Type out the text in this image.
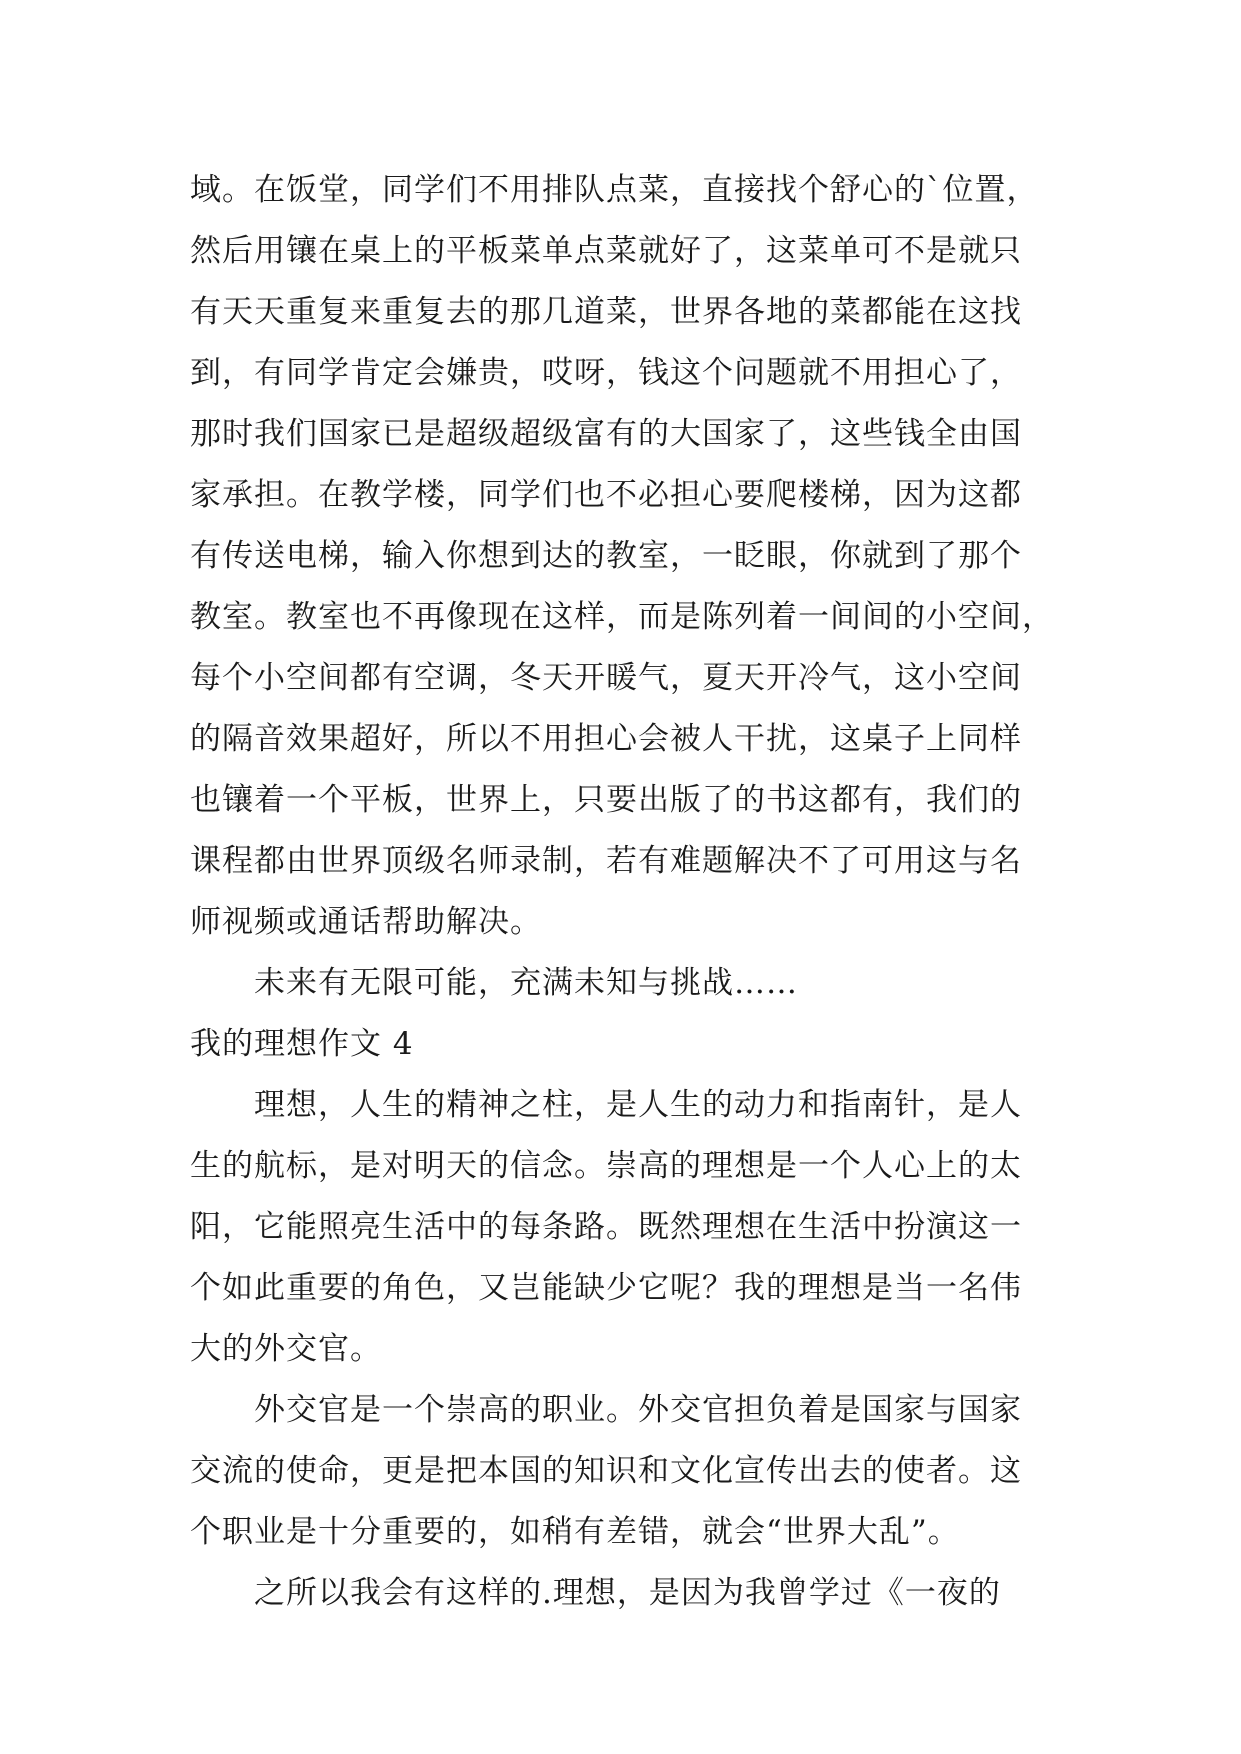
域。在饭堂，同学们不用排队点菜，直接找个舒心的`位置，
然后用镶在桌上的平板菜单点菜就好了，这菜单可不是就只
有天天重复来重复去的那几道菜，世界各地的菜都能在这找
到，有同学肯定会嫌贵，哎呀，钱这个问题就不用担心了，
那时我们国家已是超级超级富有的大国家了，这些钱全由国
家承担。在教学楼，同学们也不必担心要爬楼梯，因为这都
有传送电梯，输入你想到达的教室，一眨眼，你就到了那个
教室。教室也不再像现在这样，而是陈列着一间间的小空间，
每个小空间都有空调，冬天开暖气，夏天开冷气，这小空间
的隔音效果超好，所以不用担心会被人干扰，这桌子上同样
也镶着一个平板，世界上，只要出版了的书这都有，我们的
课程都由世界顶级名师录制，若有难题解决不了可用这与名
师视频或通话帮助解决。
未来有无限可能，充满未知与挑战……
我的理想作文 4
理想，人生的精神之柱，是人生的动力和指南针，是人
生的航标，是对明天的信念。崇高的理想是一个人心上的太
阳，它能照亮生活中的每条路。既然理想在生活中扮演这一
个如此重要的角色，又岂能缺少它呢？我的理想是当一名伟
大的外交官。
外交官是一个崇高的职业。外交官担负着是国家与国家
交流的使命，更是把本国的知识和文化宣传出去的使者。这
个职业是十分重要的，如稍有差错，就会“世界大乱”。
之所以我会有这样的.理想，是因为我曾学过《一夜的
